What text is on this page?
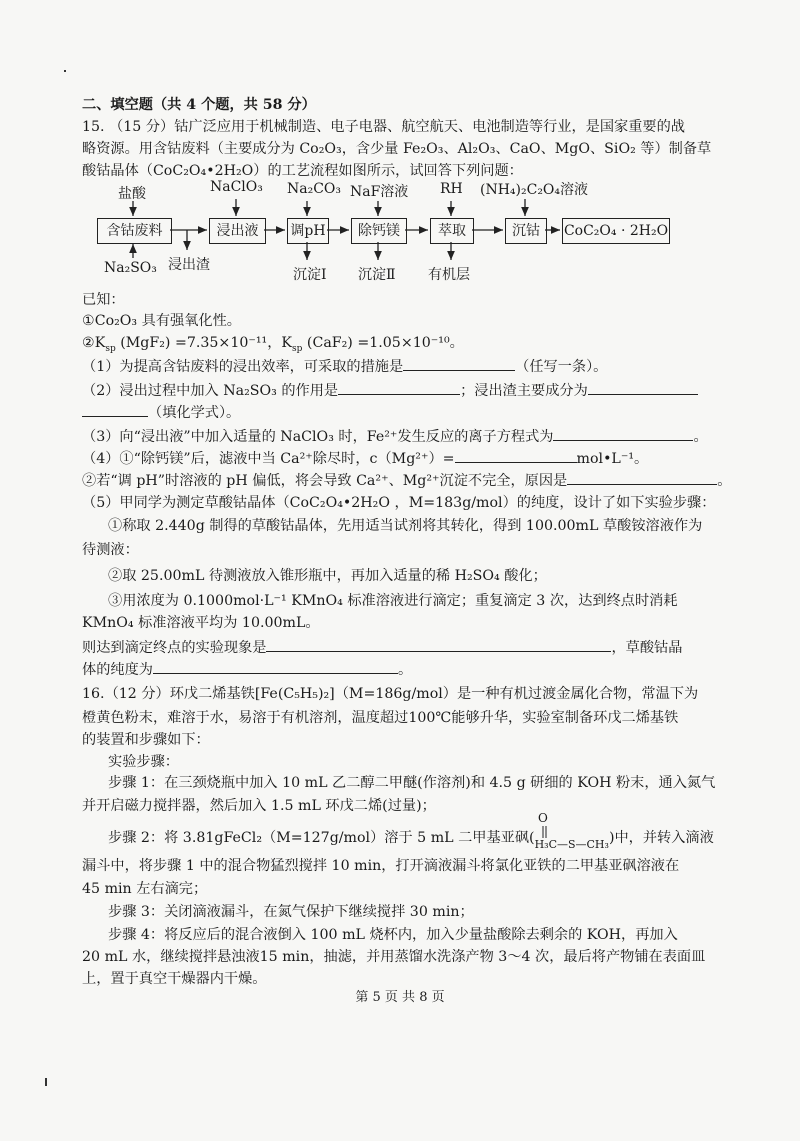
二、填空题（共 4 个题，共 58 分）
15. （15 分）钴广泛应用于机械制造、电子电器、航空航天、电池制造等行业，是国家重要的战
略资源。用含钴废料（主要成分为 Co₂O₃，含少量 Fe₂O₃、Al₂O₃、CaO、MgO、SiO₂ 等）制备草
酸钴晶体（CoC₂O₄•2H₂O）的工艺流程如图所示，试回答下列问题：
盐酸	NaClO₃ Na₂CO₃ NaF溶液 RH (NH₄)₂C₂O₄溶液
含钴废料	浸出液	调pH	除钙镁	萃取	沉钴	CoC₂O₄ · 2H₂O
Na₂SO₃ 浸出渣
沉淀Ⅰ 沉淀Ⅱ 有机层
已知：
①Co₂O₃ 具有强氧化性。
$②K_{sp}$ (MgF₂) =7.35×10⁻¹¹，$K_{sp}$ (CaF₂) =1.05×10⁻¹⁰。
（1）为提高含钴废料的浸出效率，可采取的措施是	（任写一条）。
（2）浸出过程中加入 Na₂SO₃ 的作用是	；浸出渣主要成分为
（填化学式）。
（3）向“浸出液”中加入适量的 NaClO₃ 时，Fe²⁺发生反应的离子方程式为	。
（4）①“除钙镁”后，滤液中当 Ca²⁺除尽时，c（Mg²⁺）=	mol•L⁻¹。
②若“调 pH”时溶液的 pH 偏低，将会导致 Ca²⁺、Mg²⁺沉淀不完全，原因是	。
（5）甲同学为测定草酸钴晶体（CoC₂O₄•2H₂O ，M=183g/mol）的纯度，设计了如下实验步骤：
①称取 2.440g 制得的草酸钴晶体，先用适当试剂将其转化，得到 100.00mL 草酸铵溶液作为
待测液：
②取 25.00mL 待测液放入锥形瓶中，再加入适量的稀 H₂SO₄ 酸化；
③用浓度为 0.1000mol·L⁻¹ KMnO₄ 标准溶液进行滴定；重复滴定 3 次，达到终点时消耗
KMnO₄ 标准溶液平均为 10.00mL。
则达到滴定终点的实验现象是	，草酸钴晶
体的纯度为	。
16.（12 分）环戊二烯基铁[Fe(C₅H₅)₂]（M=186g/mol）是一种有机过渡金属化合物，常温下为
橙黄色粉末，难溶于水，易溶于有机溶剂，温度超过100℃能够升华，实验室制备环戊二烯基铁
的装置和步骤如下：
实验步骤：
步骤 1：在三颈烧瓶中加入 10 mL 乙二醇二甲醚(作溶剂)和 4.5 g 研细的 KOH 粉末，通入氮气
并开启磁力搅拌器，然后加入 1.5 mL 环戊二烯(过量)；
O
步骤 2：将 3.81gFeCl₂（M=127g/mol）溶于 5 mL 二甲基亚砜$(_{H_3C—S—CH_3})$中，并转入滴液
漏斗中，将步骤 1 中的混合物猛烈搅拌 10 min，打开滴液漏斗将氯化亚铁的二甲基亚砜溶液在
45 min 左右滴完；
步骤 3：关闭滴液漏斗，在氮气保护下继续搅拌 30 min；
步骤 4：将反应后的混合液倒入 100 mL 烧杯内，加入少量盐酸除去剩余的 KOH，再加入
20 mL 水，继续搅拌悬浊液15 min，抽滤，并用蒸馏水洗涤产物 3～4 次，最后将产物铺在表面皿
上，置于真空干燥器内干燥。
第 5 页 共 8 页
